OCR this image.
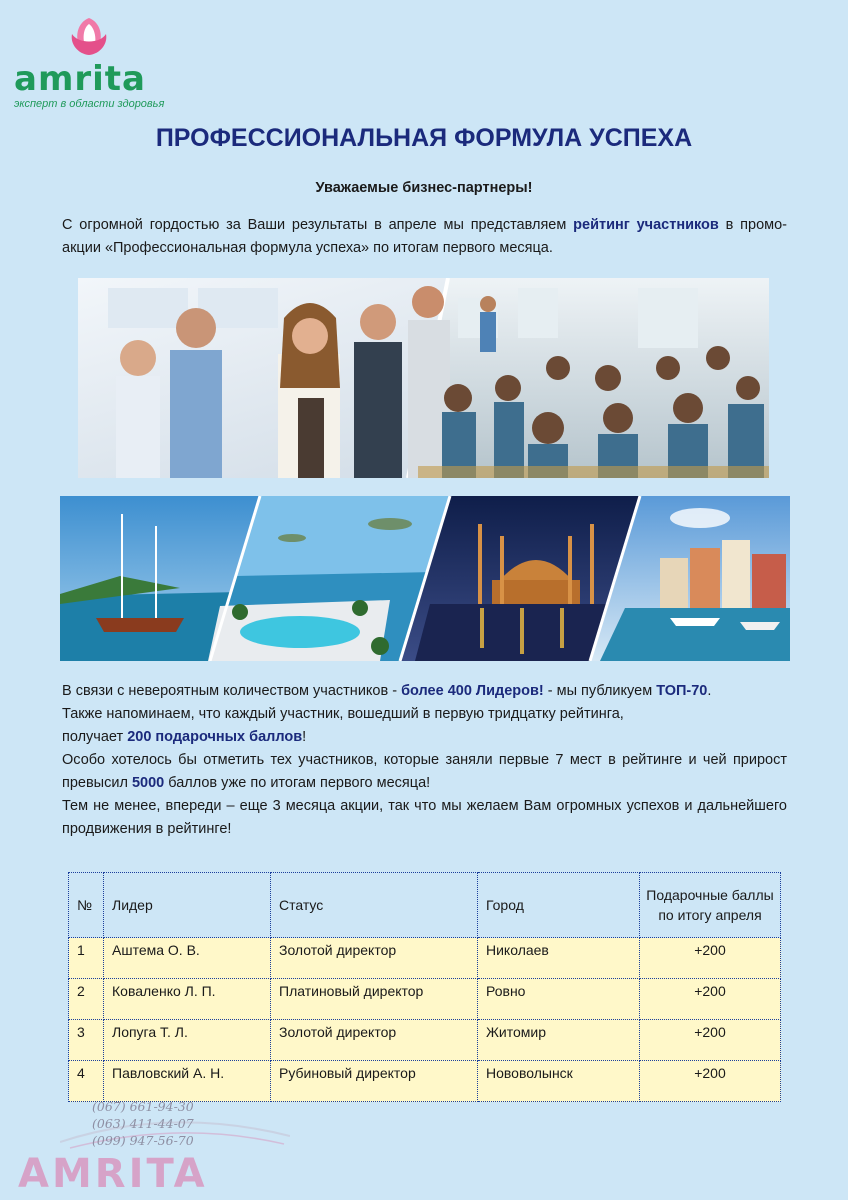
amrita
эксперт в области здоровья
ПРОФЕССИОНАЛЬНАЯ ФОРМУЛА УСПЕХА
Уважаемые бизнес-партнеры!

С огромной гордостью за Ваши результаты в апреле мы представляем рейтинг участников в промо-акции «Профессиональная формула успеха» по итогам первого месяца.

В связи с невероятным количеством участников - более 400 Лидеров! - мы публикуем ТОП-70.
Также напоминаем, что каждый участник, вошедший в первую тридцатку рейтинга,
получает 200 подарочных баллов!
Особо хотелось бы отметить тех участников, которые заняли первые 7 мест в рейтинге и чей прирост превысил 5000 баллов уже по итогам первого месяца!
Тем не менее, впереди – еще 3 месяца акции, так что мы желаем Вам огромных успехов и дальнейшего продвижения в рейтинге!
№	Лидер	Статус	Город	Подарочные баллы по итогу апреля
1	Аштема О. В.	Золотой директор	Николаев	+200
2	Коваленко Л. П.	Платиновый директор	Ровно	+200
3	Лопуга Т. Л.	Золотой директор	Житомир	+200
4	Павловский А. Н.	Рубиновый директор	Нововолынск	+200
(067) 661-94-30
(063) 411-44-07
(099) 947-56-70
AMRITA
